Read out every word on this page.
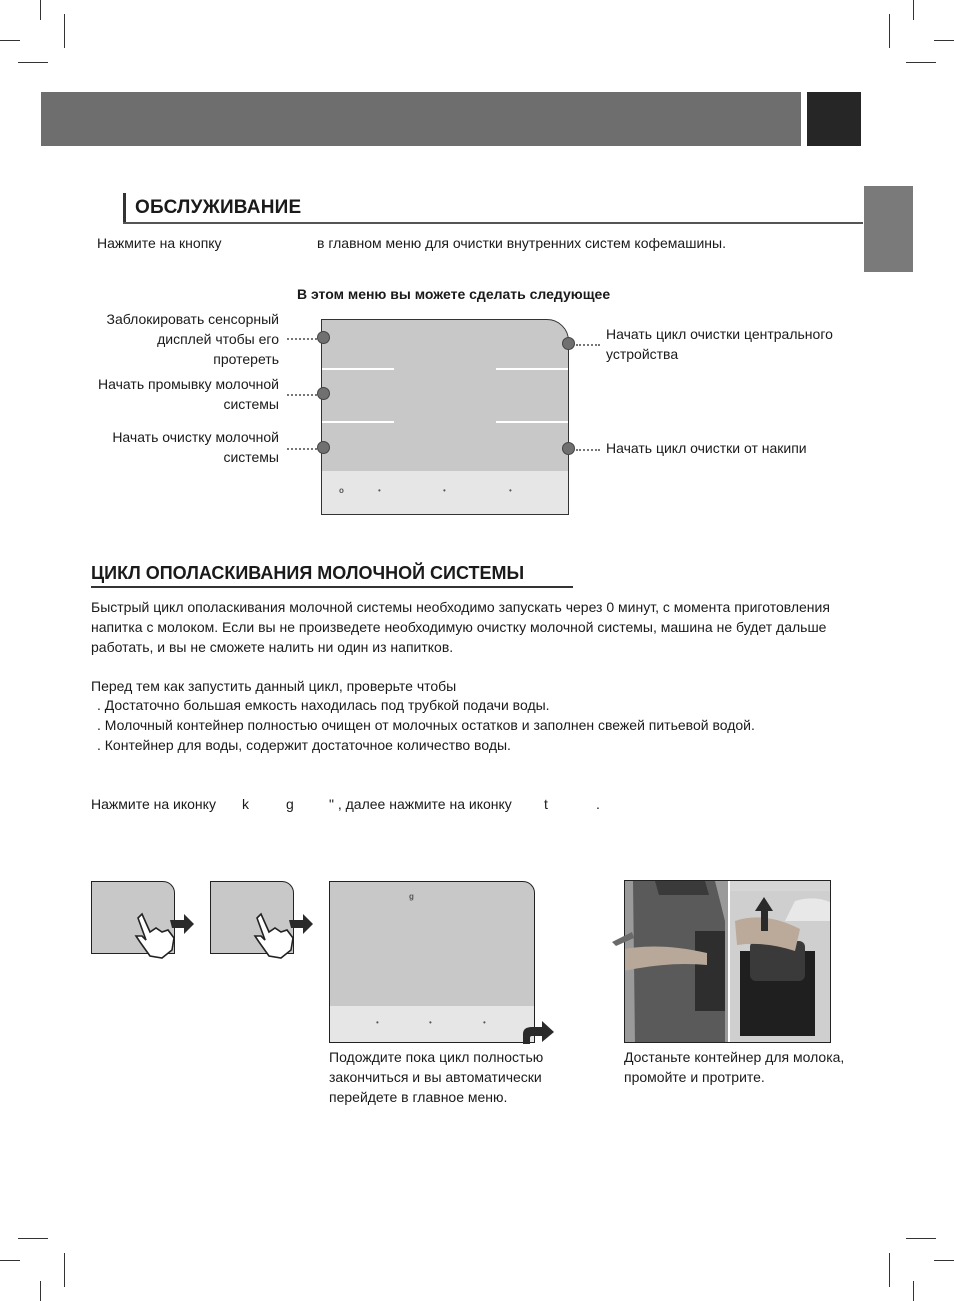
ОБСЛУЖИВАНИЕ
Нажмите на кнопку	в главном меню для очистки внутренних систем кофемашины.
В этом меню вы можете сделать следующее
Заблокировать сенсорный
дисплей чтобы его
протереть
Начать промывку молочной
системы
Начать очистку молочной
системы
Начать цикл очистки центрального
устройства
Начать цикл очистки от накипи
o	•	•	•
ЦИКЛ ОПОЛАСКИВАНИЯ МОЛОЧНОЙ СИСТЕМЫ
Быстрый цикл ополаскивания молочной системы необходимо запускать через 0 минут, с момента приготовления
напитка с молоком. Если вы не произведете необходимую очистку молочной системы, машина не будет дальше
работать, и вы не сможете налить ни один из напитков.
Перед тем как запустить данный цикл, проверьте чтобы
. Достаточно большая емкость находилась под трубкой подачи воды.
. Молочный контейнер полностью очищен от молочных остатков и заполнен свежей питьевой водой.
. Контейнер для воды, содержит достаточное количество воды.
Нажмите на иконку k	g	" , далее нажмите на иконку t	.
g
•	•	•
Подождите пока цикл полностью
закончиться и вы автоматически
перейдете в главное меню.
Достаньте контейнер для молока,
промойте и протрите.
